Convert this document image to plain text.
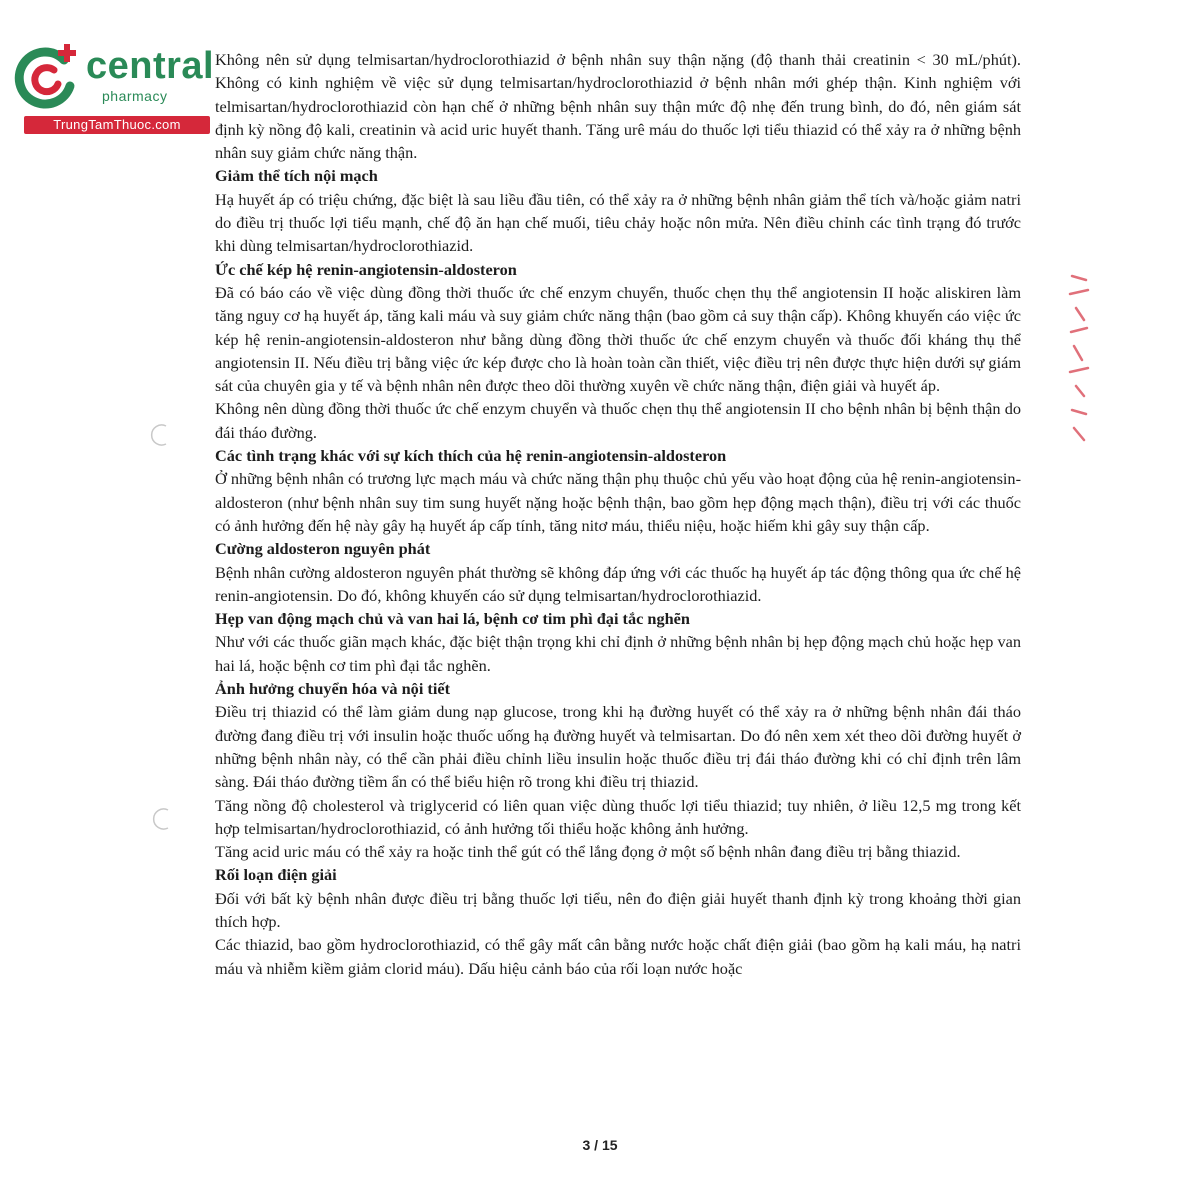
central
pharmacy
TrungTamThuoc.com

Không nên sử dụng telmisartan/hydroclorothiazid ở bệnh nhân suy thận nặng (độ thanh thải creatinin < 30 mL/phút). Không có kinh nghiệm về việc sử dụng telmisartan/hydroclorothiazid ở bệnh nhân mới ghép thận. Kinh nghiệm với telmisartan/hydroclorothiazid còn hạn chế ở những bệnh nhân suy thận mức độ nhẹ đến trung bình, do đó, nên giám sát định kỳ nồng độ kali, creatinin và acid uric huyết thanh. Tăng urê máu do thuốc lợi tiểu thiazid có thể xảy ra ở những bệnh nhân suy giảm chức năng thận.

Giảm thể tích nội mạch

Hạ huyết áp có triệu chứng, đặc biệt là sau liều đầu tiên, có thể xảy ra ở những bệnh nhân giảm thể tích và/hoặc giảm natri do điều trị thuốc lợi tiểu mạnh, chế độ ăn hạn chế muối, tiêu chảy hoặc nôn mửa. Nên điều chỉnh các tình trạng đó trước khi dùng telmisartan/hydroclorothiazid.

Ức chế kép hệ renin-angiotensin-aldosteron

Đã có báo cáo về việc dùng đồng thời thuốc ức chế enzym chuyển, thuốc chẹn thụ thể angiotensin II hoặc aliskiren làm tăng nguy cơ hạ huyết áp, tăng kali máu và suy giảm chức năng thận (bao gồm cả suy thận cấp). Không khuyến cáo việc ức kép hệ renin-angiotensin-aldosteron như bằng dùng đồng thời thuốc ức chế enzym chuyển và thuốc đối kháng thụ thể angiotensin II. Nếu điều trị bằng việc ức kép được cho là hoàn toàn cần thiết, việc điều trị nên được thực hiện dưới sự giám sát của chuyên gia y tế và bệnh nhân nên được theo dõi thường xuyên về chức năng thận, điện giải và huyết áp.

Không nên dùng đồng thời thuốc ức chế enzym chuyển và thuốc chẹn thụ thể angiotensin II cho bệnh nhân bị bệnh thận do đái tháo đường.

Các tình trạng khác với sự kích thích của hệ renin-angiotensin-aldosteron

Ở những bệnh nhân có trương lực mạch máu và chức năng thận phụ thuộc chủ yếu vào hoạt động của hệ renin-angiotensin-aldosteron (như bệnh nhân suy tim sung huyết nặng hoặc bệnh thận, bao gồm hẹp động mạch thận), điều trị với các thuốc có ảnh hưởng đến hệ này gây hạ huyết áp cấp tính, tăng nitơ máu, thiểu niệu, hoặc hiếm khi gây suy thận cấp.

Cường aldosteron nguyên phát

Bệnh nhân cường aldosteron nguyên phát thường sẽ không đáp ứng với các thuốc hạ huyết áp tác động thông qua ức chế hệ renin-angiotensin. Do đó, không khuyến cáo sử dụng telmisartan/hydroclorothiazid.

Hẹp van động mạch chủ và van hai lá, bệnh cơ tim phì đại tắc nghẽn

Như với các thuốc giãn mạch khác, đặc biệt thận trọng khi chỉ định ở những bệnh nhân bị hẹp động mạch chủ hoặc hẹp van hai lá, hoặc bệnh cơ tim phì đại tắc nghẽn.

Ảnh hưởng chuyển hóa và nội tiết

Điều trị thiazid có thể làm giảm dung nạp glucose, trong khi hạ đường huyết có thể xảy ra ở những bệnh nhân đái tháo đường đang điều trị với insulin hoặc thuốc uống hạ đường huyết và telmisartan. Do đó nên xem xét theo dõi đường huyết ở những bệnh nhân này, có thể cần phải điều chỉnh liều insulin hoặc thuốc điều trị đái tháo đường khi có chỉ định trên lâm sàng. Đái tháo đường tiềm ẩn có thể biểu hiện rõ trong khi điều trị thiazid.

Tăng nồng độ cholesterol và triglycerid có liên quan việc dùng thuốc lợi tiểu thiazid; tuy nhiên, ở liều 12,5 mg trong kết hợp telmisartan/hydroclorothiazid, có ảnh hưởng tối thiểu hoặc không ảnh hưởng.

Tăng acid uric máu có thể xảy ra hoặc tinh thể gút có thể lắng đọng ở một số bệnh nhân đang điều trị bằng thiazid.

Rối loạn điện giải

Đối với bất kỳ bệnh nhân được điều trị bằng thuốc lợi tiểu, nên đo điện giải huyết thanh định kỳ trong khoảng thời gian thích hợp.

Các thiazid, bao gồm hydroclorothiazid, có thể gây mất cân bằng nước hoặc chất điện giải (bao gồm hạ kali máu, hạ natri máu và nhiễm kiềm giảm clorid máu). Dấu hiệu cảnh báo của rối loạn nước hoặc

3 / 15
